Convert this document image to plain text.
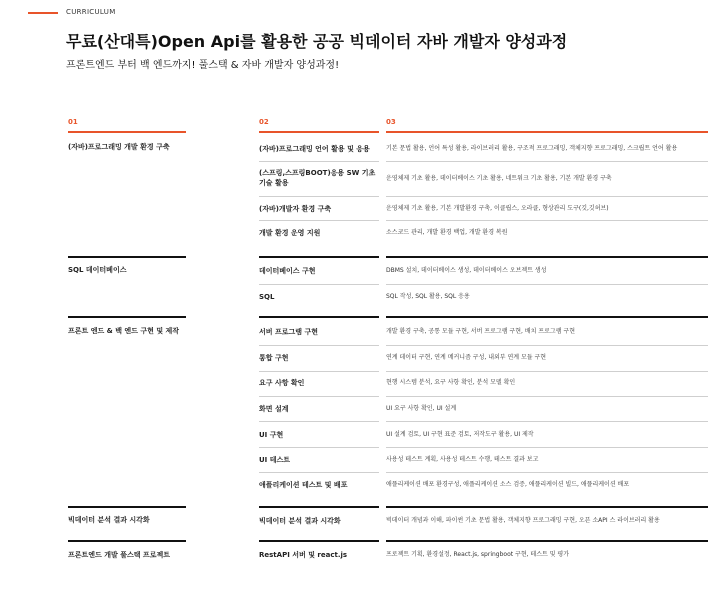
CURRICULUM
무료(산대특)Open Api를 활용한 공공 빅데이터 자바 개발자 양성과정
프론트엔드 부터 백 엔드까지! 풀스택 & 자바 개발자 양성과정!
01	02	03
(자바)프로그래밍 개발 환경 구축
SQL 데이터베이스
프론트 엔드 & 백 엔드 구현 및 제작
빅데이터 분석 결과 시각화
프론트엔드 개발 풀스택 프로젝트
(자바)프로그래밍 언어 활용 및 응용
(스프링,스프링BOOT)응용 SW 기초기술 활용
(자바)개발자 환경 구축
개발 환경 운영 지원
데이터베이스 구현
SQL
서버 프로그램 구현
통합 구현
요구 사항 확인
화면 설계
UI 구현
UI 테스트
애플리케이션 테스트 및 배포
빅데이터 분석 결과 시각화
RestAPI 서버 및 react.js
기본 문법 활용, 언어 특성 활용, 라이브러리 활용, 구조적 프로그래밍, 객체지향 프로그래밍, 스크립트 언어 활용
운영체제 기초 활용, 데이터베이스 기초 활용, 네트워크 기초 활용, 기본 개발 환경 구축
운영체제 기초 활용, 기본 개발환경 구축, 이클립스, 오라클, 형상관리 도구(깃,깃허브)
소스코드 관리, 개발 환경 백업, 개발 환경 복원
DBMS 설치, 데이터베이스 생성, 데이터베이스 오브젝트 생성
SQL 작성, SQL 활용, SQL 응용
개발 환경 구축, 공통 모듈 구현, 서버 프로그램 구현, 배치 프로그램 구현
연계 데이터 구현, 연계 메커니즘 구성, 내외부 연계 모듈 구현
현행 시스템 분석, 요구 사항 확인, 분석 모델 확인
UI 요구 사항 확인, UI 설계
UI 설계 검토, UI 구현 표준 검토, 저작도구 활용, UI 제작
사용성 테스트 계획, 사용성 테스트 수행, 테스트 결과 보고
애플리케이션 배포 환경구성, 애플리케이션 소스 검증, 애플리케이션 빌드, 애플리케이션 배포
빅데이터 개념과 이해, 파이썬 기초 문법 활용, 객체지향 프로그래밍 구현, 오픈 소API 스 라이브러리 활용
프로젝트 기획, 환경설정, React.js, springboot 구현, 테스트 및 평가
